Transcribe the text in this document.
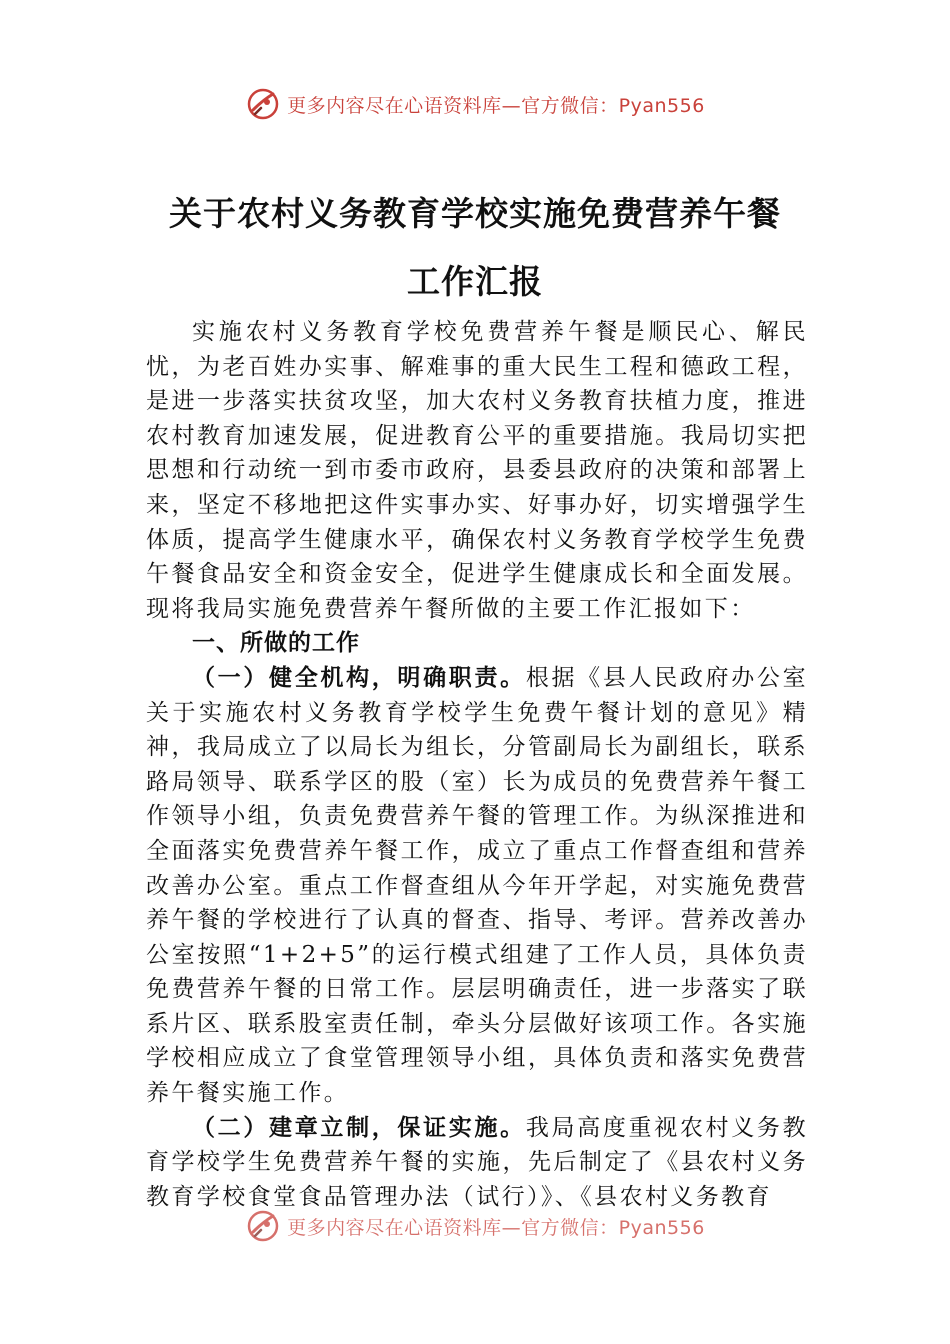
更多内容尽在心语资料库—官方微信：Pyan556
关于农村义务教育学校实施免费营养午餐
工作汇报

实施农村义务教育学校免费营养午餐是顺民心、解民忧，为老百姓办实事、解难事的重大民生工程和德政工程，是进一步落实扶贫攻坚，加大农村义务教育扶植力度，推进农村教育加速发展，促进教育公平的重要措施。我局切实把思想和行动统一到市委市政府，县委县政府的决策和部署上来，坚定不移地把这件实事办实、好事办好，切实增强学生体质，提高学生健康水平，确保农村义务教育学校学生免费午餐食品安全和资金安全，促进学生健康成长和全面发展。现将我局实施免费营养午餐所做的主要工作汇报如下：

一、所做的工作

（一）健全机构，明确职责。根据《县人民政府办公室关于实施农村义务教育学校学生免费午餐计划的意见》精神，我局成立了以局长为组长，分管副局长为副组长，联系路局领导、联系学区的股（室）长为成员的免费营养午餐工作领导小组，负责免费营养午餐的管理工作。为纵深推进和全面落实免费营养午餐工作，成立了重点工作督查组和营养改善办公室。重点工作督查组从今年开学起，对实施免费营养午餐的学校进行了认真的督查、指导、考评。营养改善办公室按照“1+2+5”的运行模式组建了工作人员，具体负责免费营养午餐的日常工作。层层明确责任，进一步落实了联系片区、联系股室责任制，牵头分层做好该项工作。各实施学校相应成立了食堂管理领导小组，具体负责和落实免费营养午餐实施工作。

（二）建章立制，保证实施。我局高度重视农村义务教育学校学生免费营养午餐的实施，先后制定了《县农村义务教育学校食堂食品管理办法（试行）》、《县农村义务教育

更多内容尽在心语资料库—官方微信：Pyan556
